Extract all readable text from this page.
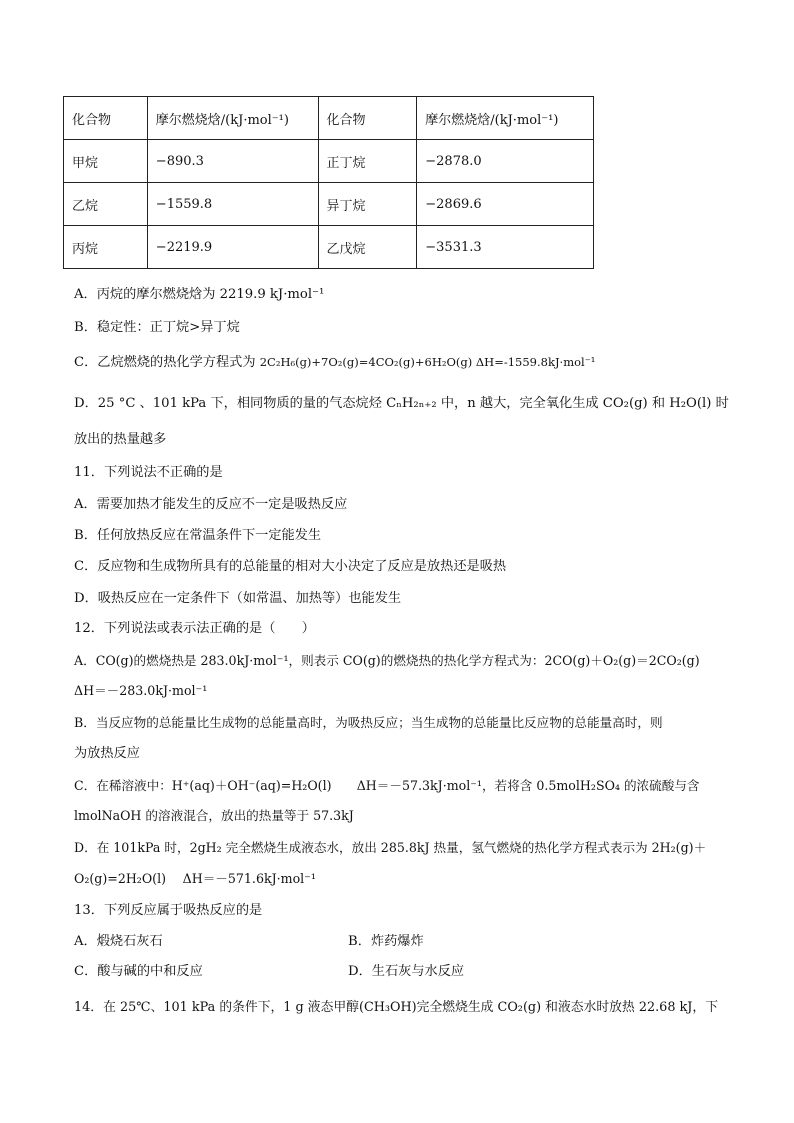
化合物	摩尔燃烧焓/(kJ·mol⁻¹)	化合物	摩尔燃烧焓/(kJ·mol⁻¹)
甲烷	−890.3	正丁烷	−2878.0
乙烷	−1559.8	异丁烷	−2869.6
丙烷	−2219.9	乙戊烷	−3531.3
A．丙烷的摩尔燃烧焓为 2219.9 kJ·mol⁻¹
B．稳定性：正丁烷>异丁烷
C．乙烷燃烧的热化学方程式为 2C₂H₆(g)+7O₂(g)=4CO₂(g)+6H₂O(g) ΔH=-1559.8kJ·mol⁻¹
D．25 °C 、101 kPa 下，相同物质的量的气态烷烃 CₙH₂ₙ₊₂ 中，n 越大，完全氧化生成 CO₂(g) 和 H₂O(l) 时
放出的热量越多
11．下列说法不正确的是
A．需要加热才能发生的反应不一定是吸热反应
B．任何放热反应在常温条件下一定能发生
C．反应物和生成物所具有的总能量的相对大小决定了反应是放热还是吸热
D．吸热反应在一定条件下（如常温、加热等）也能发生
12．下列说法或表示法正确的是（　　）
A．CO(g)的燃烧热是 283.0kJ·mol⁻¹，则表示 CO(g)的燃烧热的热化学方程式为：2CO(g)＋O₂(g)＝2CO₂(g)
ΔH＝－283.0kJ·mol⁻¹
B．当反应物的总能量比生成物的总能量高时，为吸热反应；当生成物的总能量比反应物的总能量高时，则
为放热反应
C．在稀溶液中：H⁺(aq)＋OH⁻(aq)=H₂O(l)　　ΔH＝－57.3kJ·mol⁻¹，若将含 0.5molH₂SO₄ 的浓硫酸与含
lmolNaOH 的溶液混合，放出的热量等于 57.3kJ
D．在 101kPa 时，2gH₂ 完全燃烧生成液态水，放出 285.8kJ 热量，氢气燃烧的热化学方程式表示为 2H₂(g)＋
O₂(g)=2H₂O(l)　 ΔH＝－571.6kJ·mol⁻¹
13．下列反应属于吸热反应的是
A．煅烧石灰石	B．炸药爆炸
C．酸与碱的中和反应	D．生石灰与水反应
14．在 25℃、101 kPa 的条件下，1 g 液态甲醇(CH₃OH)完全燃烧生成 CO₂(g) 和液态水时放热 22.68 kJ，下
